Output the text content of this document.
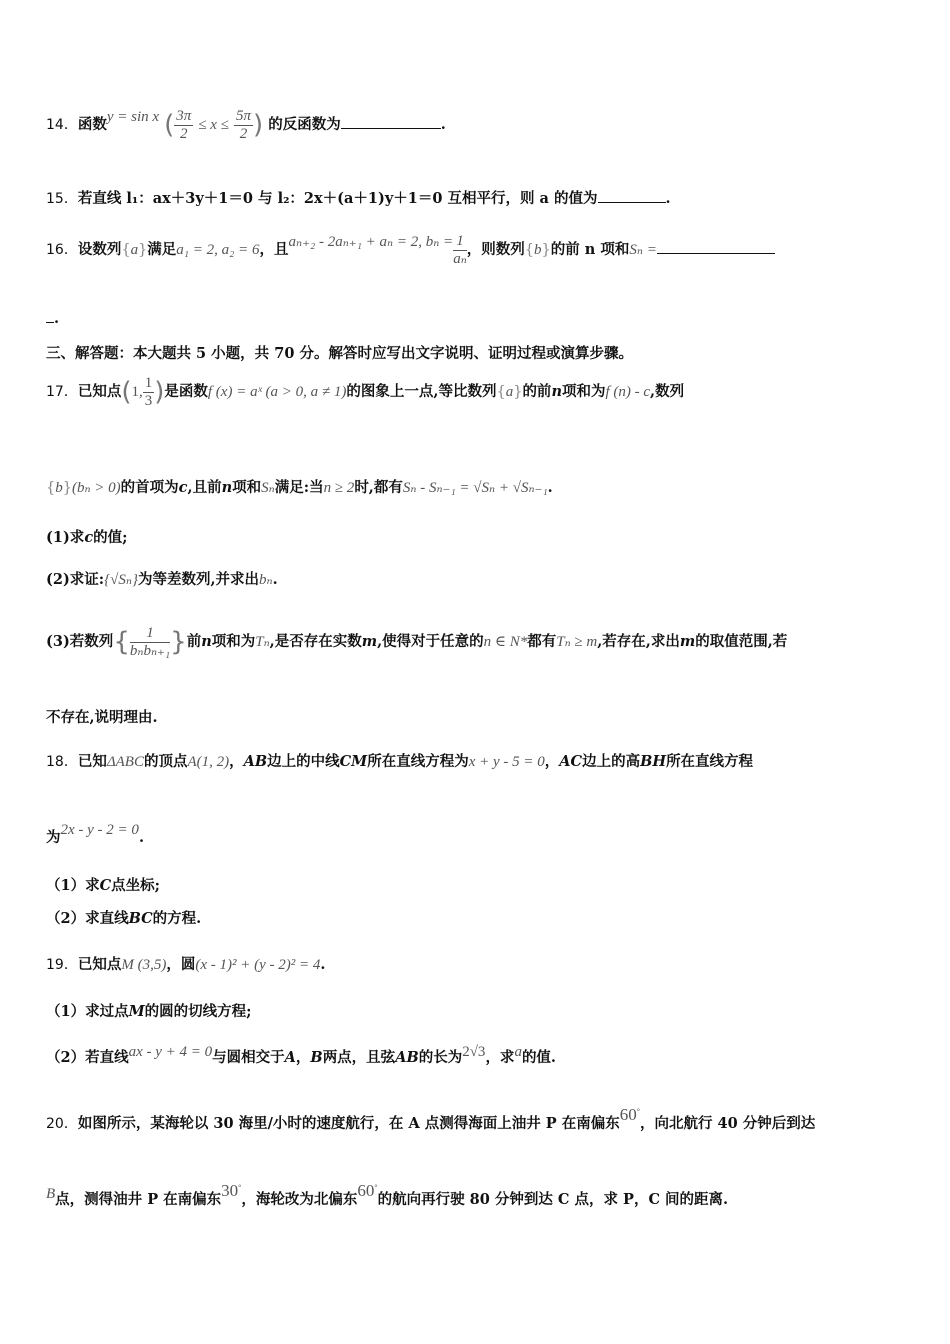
14．函数y = sin x ( $\frac{3\pi}{2} \le x \le \frac{5\pi}{2}$ ) 的反函数为	.
15．若直线 l₁：ax＋3y＋1＝0 与 l₂：2x＋(a＋1)y＋1＝0 互相平行，则 a 的值为	.
16．设数列{a}满足a₁ = 2, a₂ = 6，且aₙ₊₂ - 2aₙ₊₁ + aₙ = 2, $b_n = \frac{1}{\text{aₙ}}$ ，则数列{b}的前 n 项和Sₙ =
.
三、解答题：本大题共 5 小题，共 70 分。解答时应写出文字说明、证明过程或演算步骤。
17．已知点(1, $\frac{1}{3}$ )是函数f (x) = aˣ (a > 0, a ≠ 1)的图象上一点,等比数列{a}的前n项和为f (n) - c,数列
{b}(bₙ > 0)的首项为c,且前n项和Sₙ满足:当n ≥ 2时,都有Sₙ - Sₙ₋₁ = √Sₙ + √Sₙ₋₁.
(1)求c的值;
(2)求证:{√Sₙ}为等差数列,并求出bₙ.
(3)若数列{ $\frac{1}{\text{bₙbₙ₊₁}}$ }前n项和为Tₙ,是否存在实数m,使得对于任意的n ∈ N*都有Tₙ ≥ m,若存在,求出m的取值范围,若
不存在,说明理由.
18．已知ΔABC的顶点A(1, 2)，AB边上的中线CM所在直线方程为x + y - 5 = 0，AC边上的高BH所在直线方程
为2x - y - 2 = 0.
（1）求C点坐标;
（2）求直线BC的方程.
19．已知点M (3,5)，圆(x - 1)² + (y - 2)² = 4.
（1）求过点M的圆的切线方程;
（2）若直线ax - y + 4 = 0与圆相交于A，B两点，且弦AB的长为2√3，求a的值.
20．如图所示，某海轮以 30 海里/小时的速度航行，在 A 点测得海面上油井 P 在南偏东60°，向北航行 40 分钟后到达
B点，测得油井 P 在南偏东30°，海轮改为北偏东60°的航向再行驶 80 分钟到达 C 点，求 P，C 间的距离.
